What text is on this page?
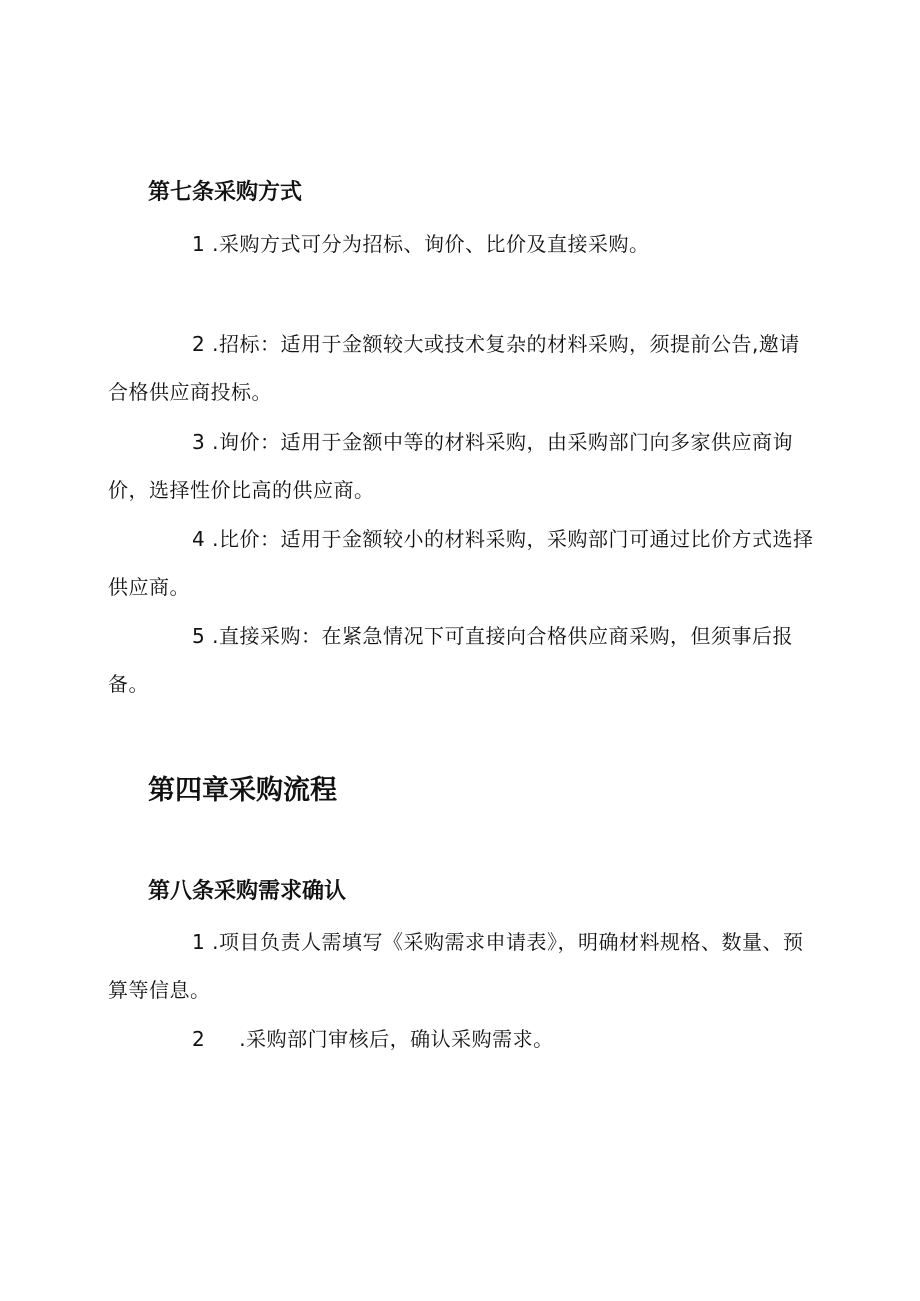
第七条采购方式
1 .采购方式可分为招标、询价、比价及直接采购。
2 .招标：适用于金额较大或技术复杂的材料采购，须提前公告,邀请合格供应商投标。
3 .询价：适用于金额中等的材料采购，由采购部门向多家供应商询价，选择性价比高的供应商。
4 .比价：适用于金额较小的材料采购，采购部门可通过比价方式选择供应商。
5 .直接采购：在紧急情况下可直接向合格供应商采购，但须事后报备。
第四章采购流程
第八条采购需求确认
1 .项目负责人需填写《采购需求申请表》，明确材料规格、数量、预算等信息。
2 .采购部门审核后，确认采购需求。
